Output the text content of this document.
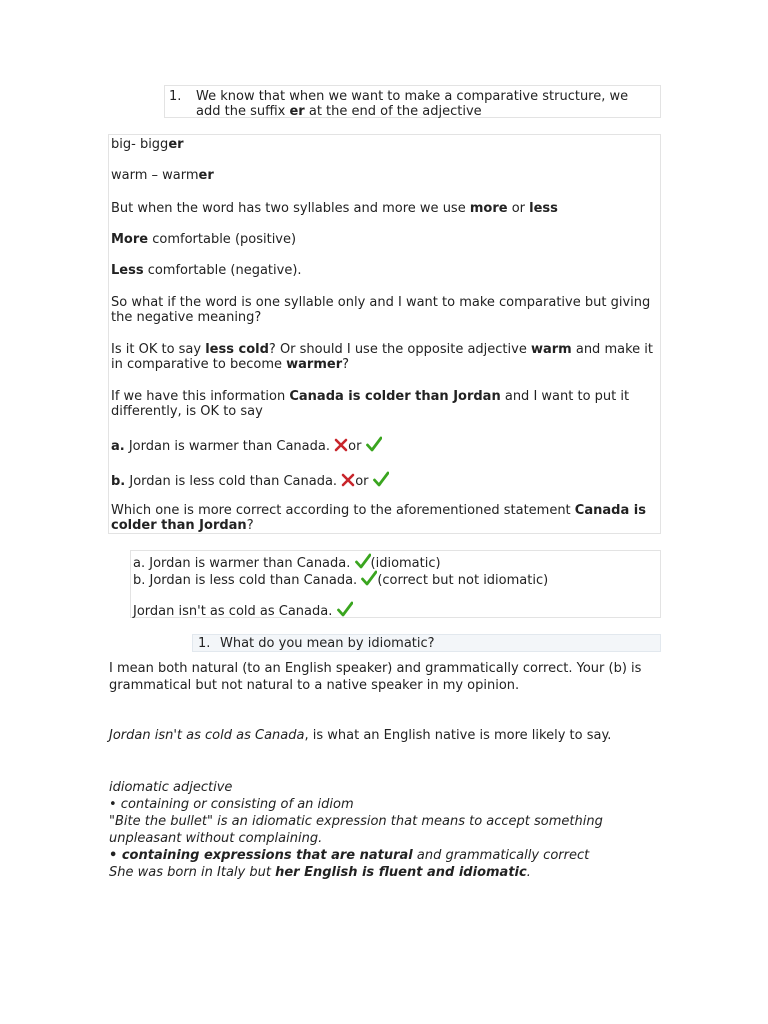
1. We know that when we want to make a comparative structure, we add the suffix er at the end of the adjective
big- bigger
warm – warmer
But when the word has two syllables and more we use more or less
More comfortable (positive)
Less comfortable (negative).
So what if the word is one syllable only and I want to make comparative but giving
the negative meaning?
Is it OK to say less cold? Or should I use the opposite adjective warm and make it
in comparative to become warmer?
If we have this information Canada is colder than Jordan and I want to put it
differently, is OK to say
a. Jordan is warmer than Canada. or
b. Jordan is less cold than Canada. or
Which one is more correct according to the aforementioned statement Canada is
colder than Jordan?
a. Jordan is warmer than Canada. (idiomatic)
b. Jordan is less cold than Canada. (correct but not idiomatic)
Jordan isn't as cold as Canada.
1. What do you mean by idiomatic?
I mean both natural (to an English speaker) and grammatically correct. Your (b) is
grammatical but not natural to a native speaker in my opinion.
Jordan isn't as cold as Canada, is what an English native is more likely to say.
idiomatic adjective
• containing or consisting of an idiom
"Bite the bullet" is an idiomatic expression that means to accept something
unpleasant without complaining.
• containing expressions that are natural and grammatically correct
She was born in Italy but her English is fluent and idiomatic.
